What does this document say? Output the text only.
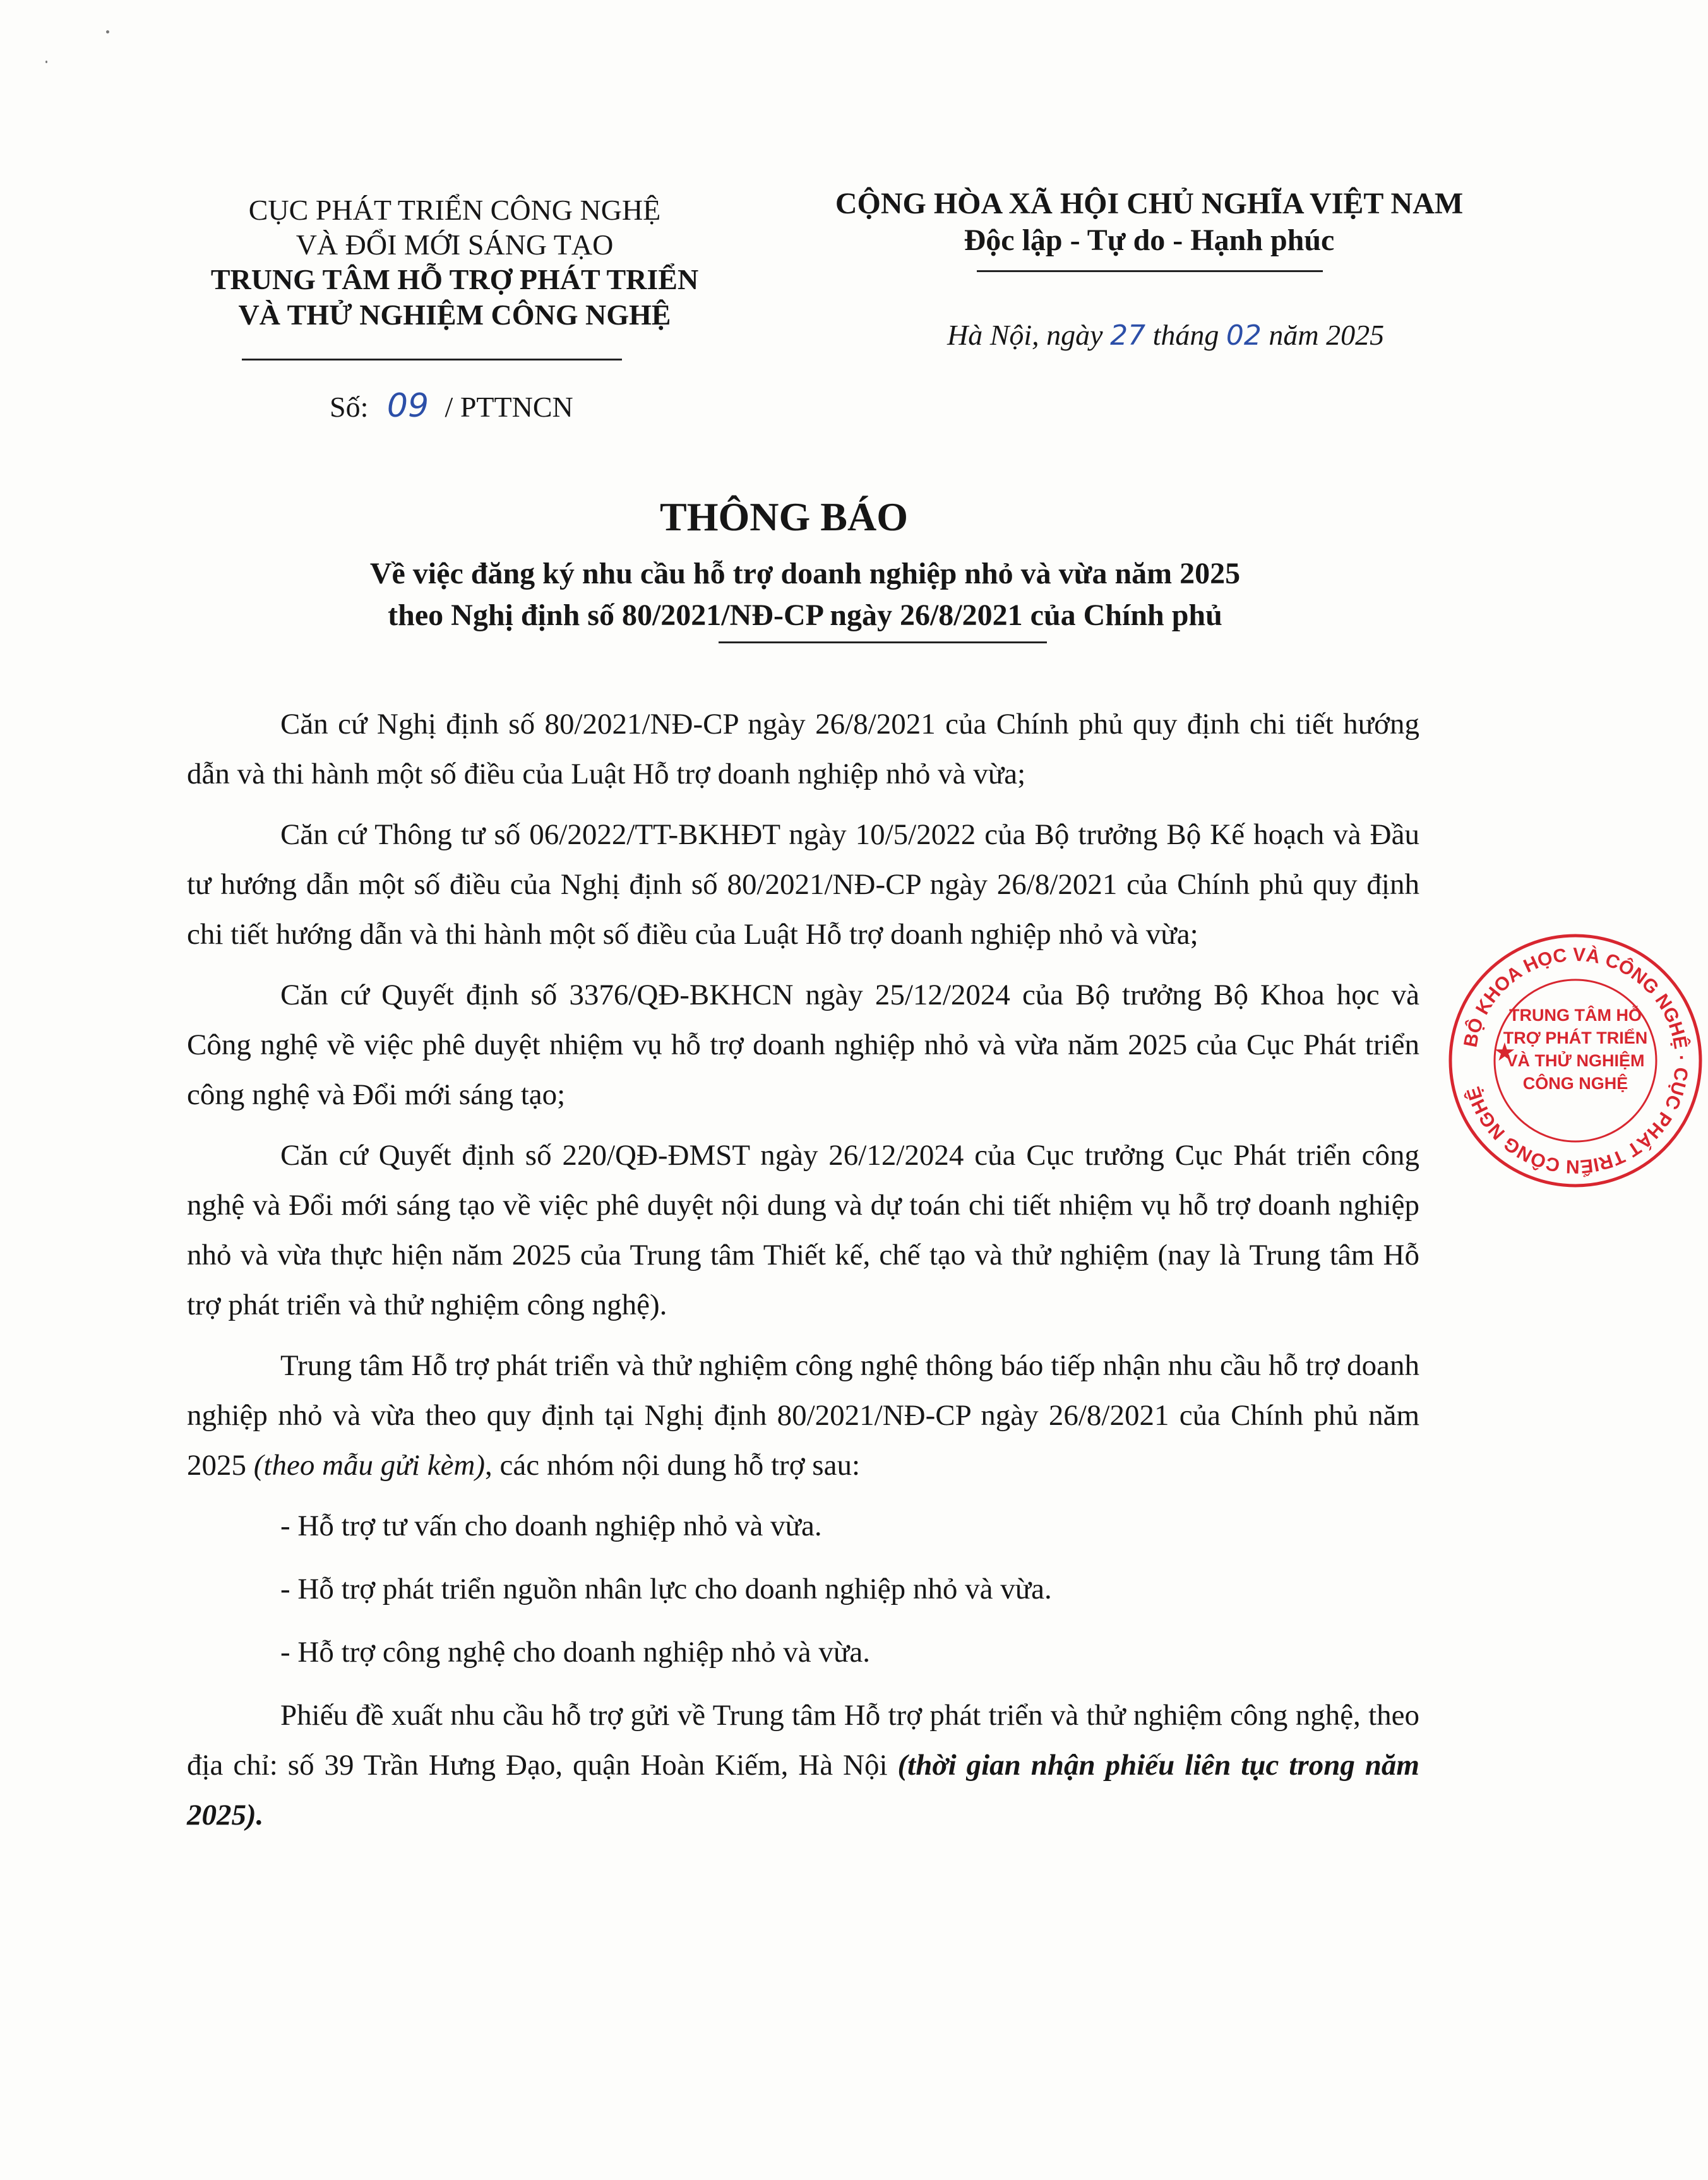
CỤC PHÁT TRIỂN CÔNG NGHỆ
VÀ ĐỔI MỚI SÁNG TẠO
TRUNG TÂM HỖ TRỢ PHÁT TRIỂN
VÀ THỬ NGHIỆM CÔNG NGHỆ
Số: 09 / PTTNCN
CỘNG HÒA XÃ HỘI CHỦ NGHĨA VIỆT NAM
Độc lập - Tự do - Hạnh phúc
Hà Nội, ngày 27 tháng 02 năm 2025
THÔNG BÁO
Về việc đăng ký nhu cầu hỗ trợ doanh nghiệp nhỏ và vừa năm 2025
theo Nghị định số 80/2021/NĐ-CP ngày 26/8/2021 của Chính phủ

Căn cứ Nghị định số 80/2021/NĐ-CP ngày 26/8/2021 của Chính phủ quy định chi tiết hướng dẫn và thi hành một số điều của Luật Hỗ trợ doanh nghiệp nhỏ và vừa;

Căn cứ Thông tư số 06/2022/TT-BKHĐT ngày 10/5/2022 của Bộ trưởng Bộ Kế hoạch và Đầu tư hướng dẫn một số điều của Nghị định số 80/2021/NĐ-CP ngày 26/8/2021 của Chính phủ quy định chi tiết hướng dẫn và thi hành một số điều của Luật Hỗ trợ doanh nghiệp nhỏ và vừa;

Căn cứ Quyết định số 3376/QĐ-BKHCN ngày 25/12/2024 của Bộ trưởng Bộ Khoa học và Công nghệ về việc phê duyệt nhiệm vụ hỗ trợ doanh nghiệp nhỏ và vừa năm 2025 của Cục Phát triển công nghệ và Đổi mới sáng tạo;

Căn cứ Quyết định số 220/QĐ-ĐMST ngày 26/12/2024 của Cục trưởng Cục Phát triển công nghệ và Đổi mới sáng tạo về việc phê duyệt nội dung và dự toán chi tiết nhiệm vụ hỗ trợ doanh nghiệp nhỏ và vừa thực hiện năm 2025 của Trung tâm Thiết kế, chế tạo và thử nghiệm (nay là Trung tâm Hỗ trợ phát triển và thử nghiệm công nghệ).

Trung tâm Hỗ trợ phát triển và thử nghiệm công nghệ thông báo tiếp nhận nhu cầu hỗ trợ doanh nghiệp nhỏ và vừa theo quy định tại Nghị định 80/2021/NĐ-CP ngày 26/8/2021 của Chính phủ năm 2025 (theo mẫu gửi kèm), các nhóm nội dung hỗ trợ sau:

- Hỗ trợ tư vấn cho doanh nghiệp nhỏ và vừa.

- Hỗ trợ phát triển nguồn nhân lực cho doanh nghiệp nhỏ và vừa.

- Hỗ trợ công nghệ cho doanh nghiệp nhỏ và vừa.

Phiếu đề xuất nhu cầu hỗ trợ gửi về Trung tâm Hỗ trợ phát triển và thử nghiệm công nghệ, theo địa chỉ: số 39 Trần Hưng Đạo, quận Hoàn Kiếm, Hà Nội (thời gian nhận phiếu liên tục trong năm 2025).

BỘ KHOA HỌC VÀ CÔNG NGHỆ · CỤC PHÁT TRIỂN CÔNG NGHỆ
★
TRUNG TÂM HỖ TRỢ PHÁT TRIỂN VÀ THỬ NGHIỆM CÔNG NGHỆ
